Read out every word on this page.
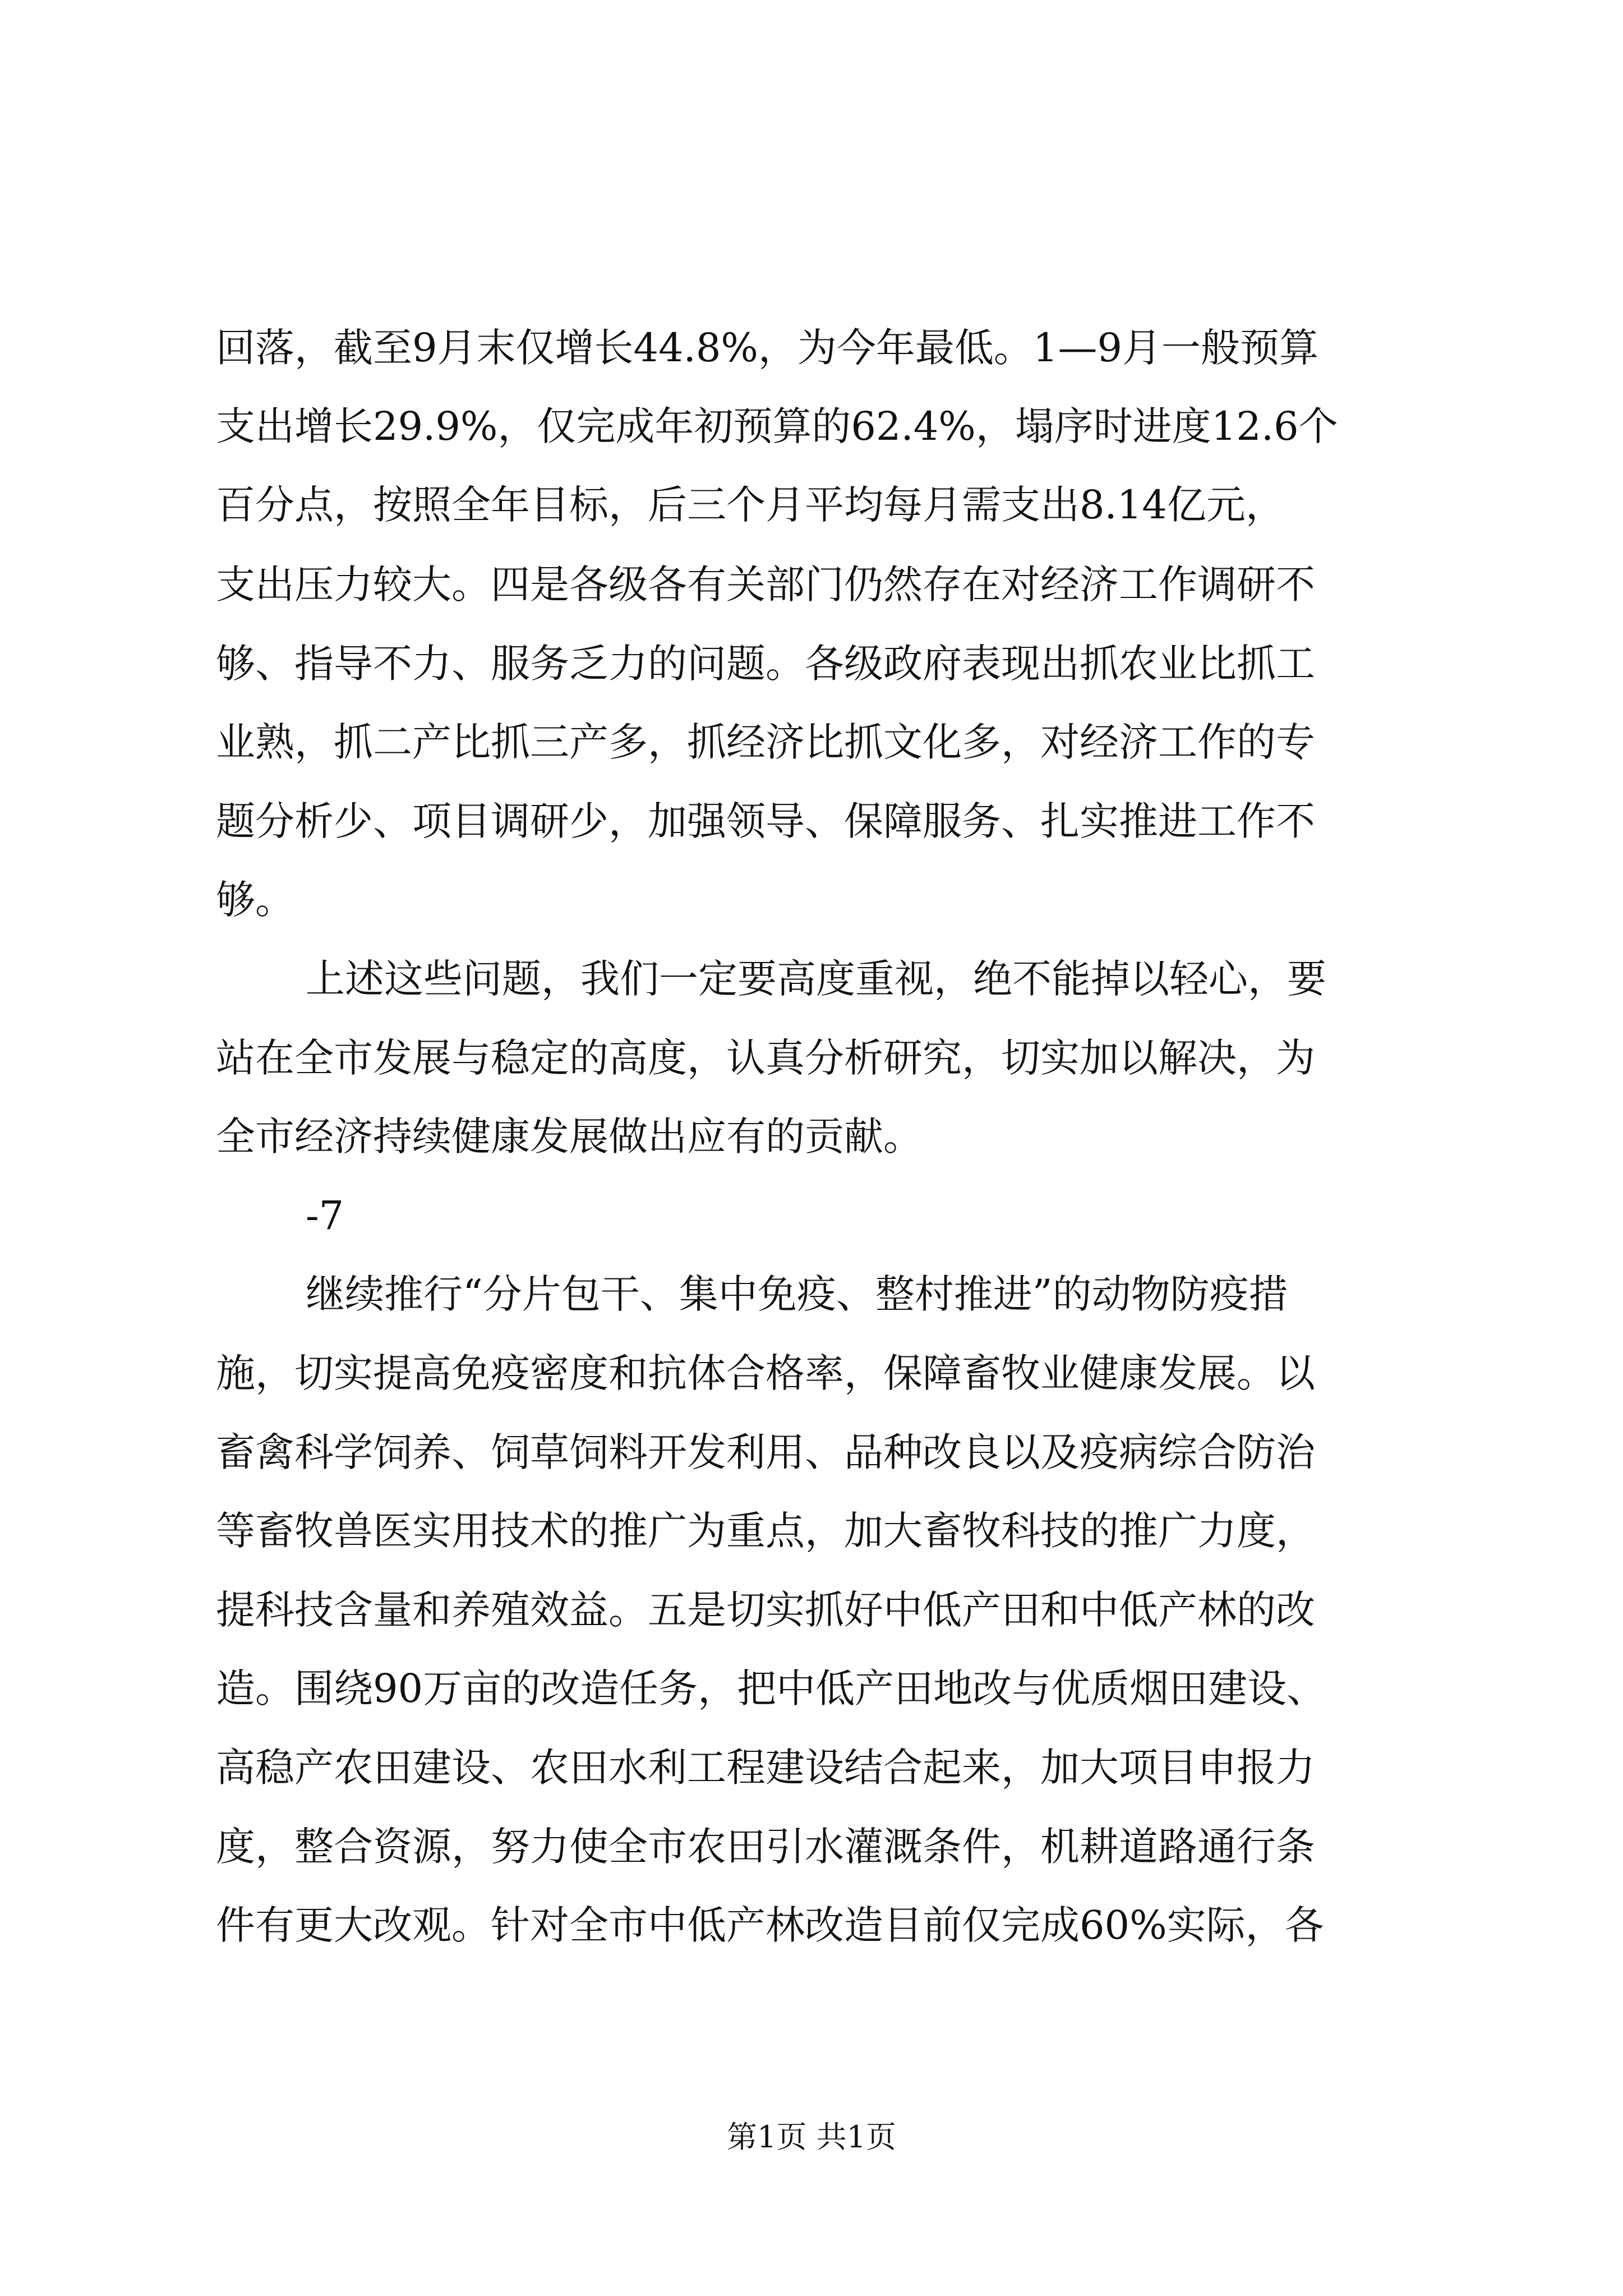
回落，截至9月末仅增长44.8%，为今年最低。1—9月一般预算
支出增长29.9%，仅完成年初预算的62.4%，塌序时进度12.6个
百分点，按照全年目标，后三个月平均每月需支出8.14亿元，
支出压力较大。四是各级各有关部门仍然存在对经济工作调研不
够、指导不力、服务乏力的问题。各级政府表现出抓农业比抓工
业熟，抓二产比抓三产多，抓经济比抓文化多，对经济工作的专
题分析少、项目调研少，加强领导、保障服务、扎实推进工作不
够。
上述这些问题，我们一定要高度重视，绝不能掉以轻心，要
站在全市发展与稳定的高度，认真分析研究，切实加以解决，为
全市经济持续健康发展做出应有的贡献。
-7
继续推行“分片包干、集中免疫、整村推进”的动物防疫措
施，切实提高免疫密度和抗体合格率，保障畜牧业健康发展。以
畜禽科学饲养、饲草饲料开发利用、品种改良以及疫病综合防治
等畜牧兽医实用技术的推广为重点，加大畜牧科技的推广力度，
提科技含量和养殖效益。五是切实抓好中低产田和中低产林的改
造。围绕90万亩的改造任务，把中低产田地改与优质烟田建设、
高稳产农田建设、农田水利工程建设结合起来，加大项目申报力
度，整合资源，努力使全市农田引水灌溉条件，机耕道路通行条
件有更大改观。针对全市中低产林改造目前仅完成60%实际，各
第1页 共1页
